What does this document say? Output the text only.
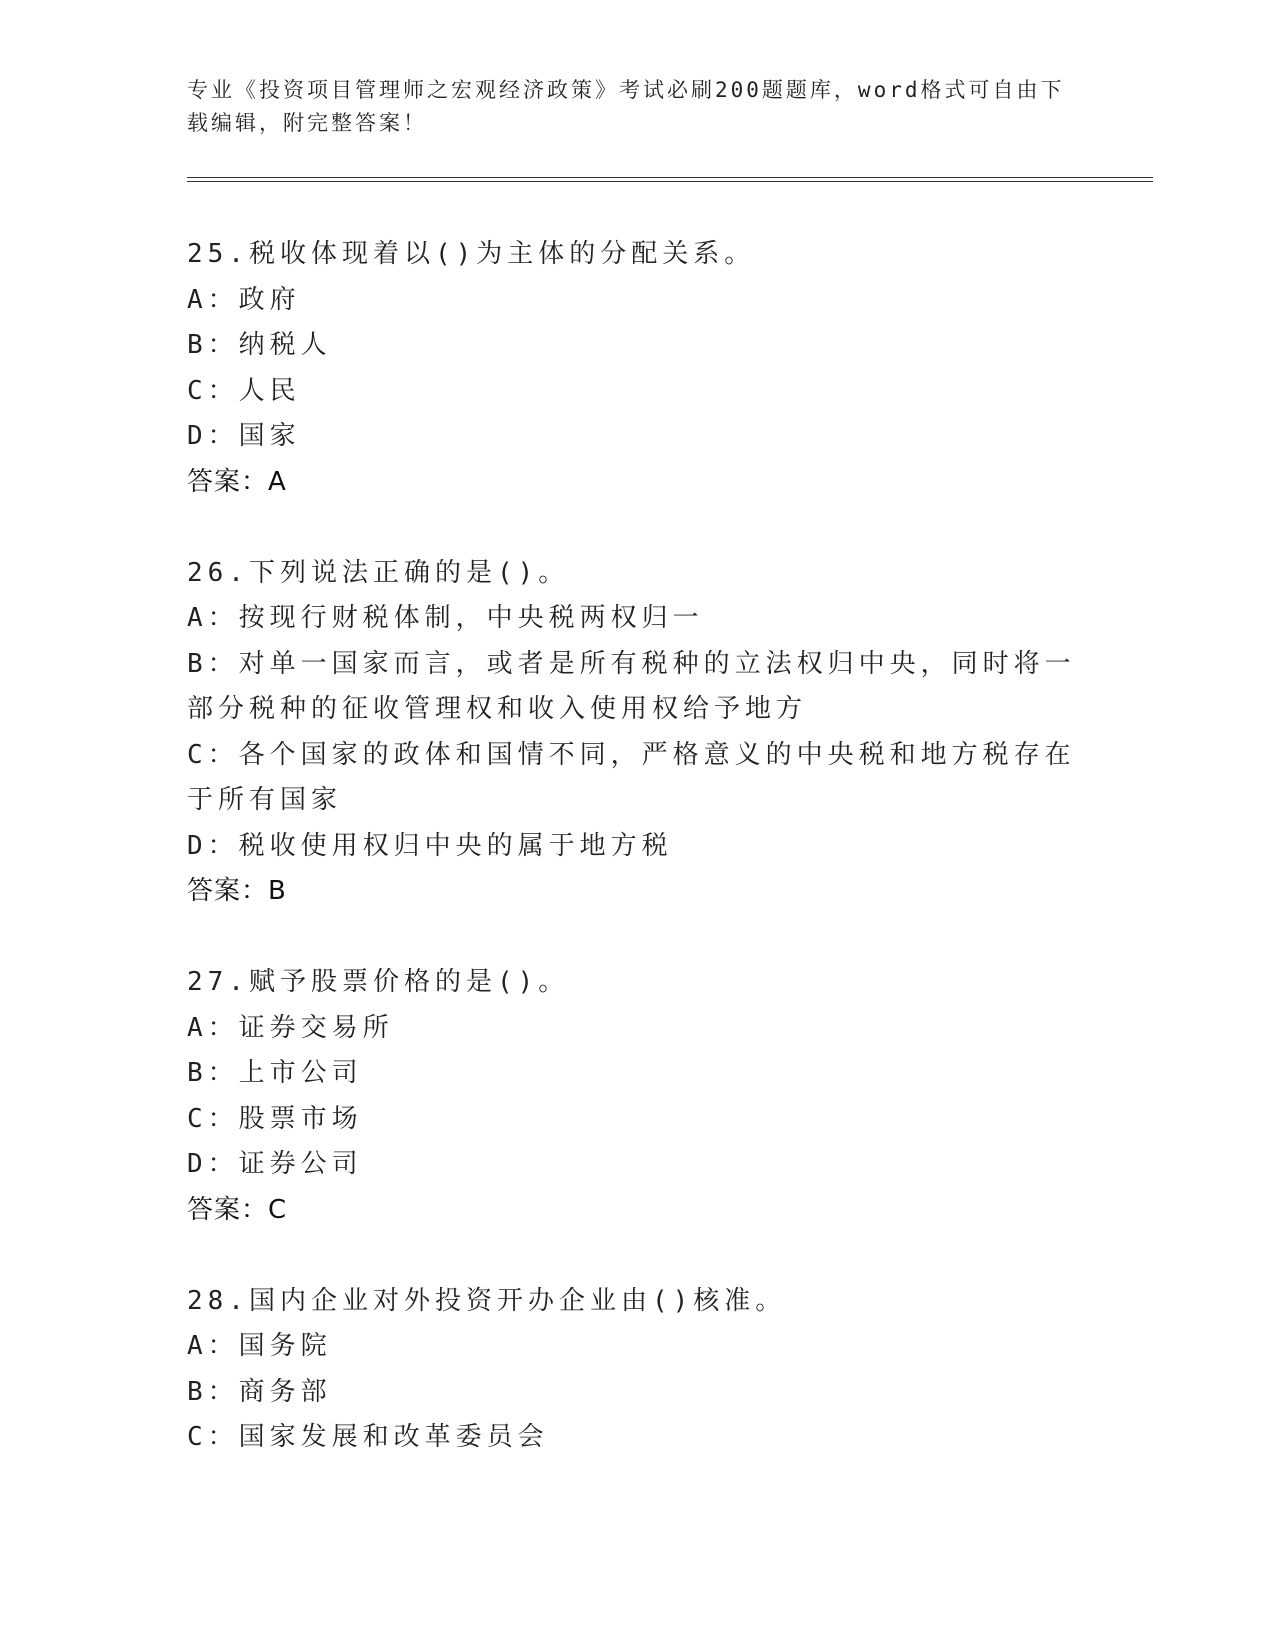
专业《投资项目管理师之宏观经济政策》考试必刷200题题库，word格式可自由下载编辑，附完整答案！

25.税收体现着以()为主体的分配关系。

A：政府

B：纳税人

C：人民

D：国家

答案：A

26.下列说法正确的是()。

A：按现行财税体制，中央税两权归一

B：对单一国家而言，或者是所有税种的立法权归中央，同时将一部分税种的征收管理权和收入使用权给予地方

C：各个国家的政体和国情不同，严格意义的中央税和地方税存在于所有国家

D：税收使用权归中央的属于地方税

答案：B

27.赋予股票价格的是()。

A：证券交易所

B：上市公司

C：股票市场

D：证券公司

答案：C

28.国内企业对外投资开办企业由()核准。

A：国务院

B：商务部

C：国家发展和改革委员会
